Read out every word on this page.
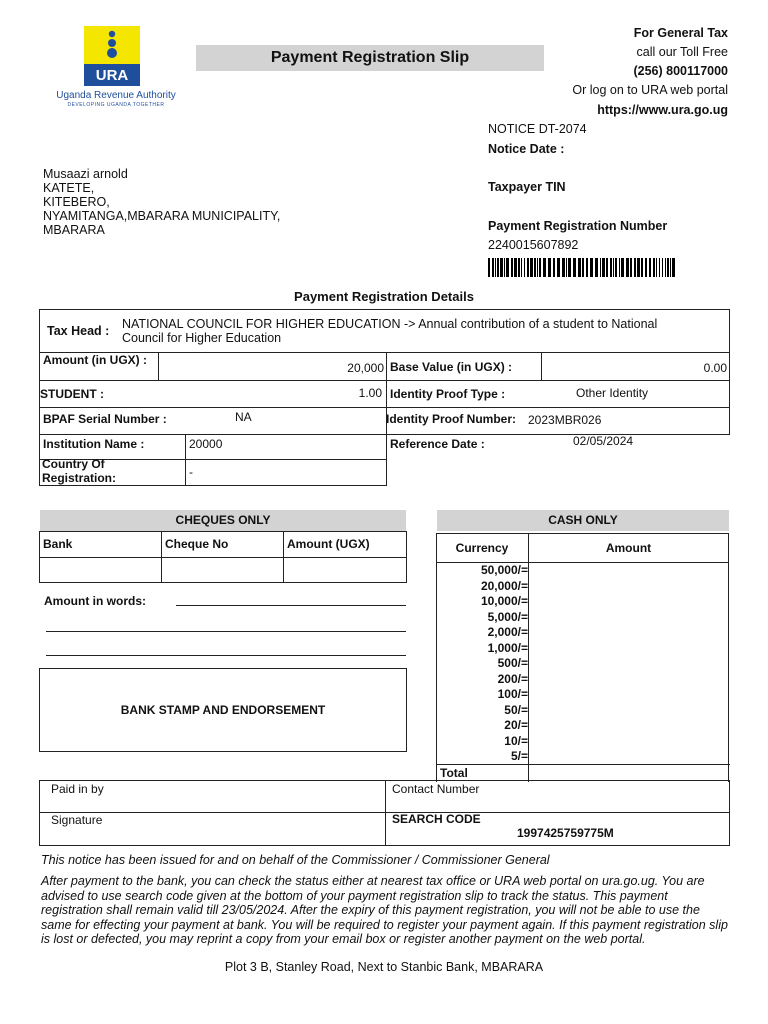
URA
Uganda Revenue Authority
DEVELOPING UGANDA TOGETHER
Payment Registration Slip
For General Tax
call our Toll Free
(256) 800117000
Or log on to URA web portal
https://www.ura.go.ug
NOTICE DT-2074
Notice Date :
Taxpayer TIN
Payment Registration Number
2240015607892
Musaazi arnold
KATETE,
KITEBERO,
NYAMITANGA,MBARARA MUNICIPALITY,
MBARARA
Payment Registration Details
Tax Head : NATIONAL COUNCIL FOR HIGHER EDUCATION -> Annual contribution of a student to National Council for Higher Education
Amount (in UGX) :
20,000 Base Value (in UGX) :	0.00
STUDENT :	1.00 Identity Proof Type :	Other Identity
BPAF Serial Number :	NA	Identity Proof Number: 2023MBR026
Institution Name :	20000	Reference Date :	02/05/2024
Country Of
Registration:	-
CHEQUES ONLY
Bank	Cheque No	Amount (UGX)
Amount in words:
BANK STAMP AND ENDORSEMENT
CASH ONLY
Currency	Amount
50,000/=
20,000/=
10,000/=
5,000/=
2,000/=
1,000/=
500/=
200/=
100/=
50/=
20/=
10/=
5/=
Total
Paid in by	Contact Number
Signature	SEARCH CODE
1997425759775M
This notice has been issued for and on behalf of the Commissioner / Commissioner General
After payment to the bank, you can check the status either at nearest tax office or URA web portal on ura.go.ug. You are advised to use search code given at the bottom of your payment registration slip to track the status. This payment registration shall remain valid till 23/05/2024. After the expiry of this payment registration, you will not be able to use the same for effecting your payment at bank. You will be required to register your payment again. If this payment registration slip is lost or defected, you may reprint a copy from your email box or register another payment on the web portal.
Plot 3 B, Stanley Road, Next to Stanbic Bank, MBARARA
